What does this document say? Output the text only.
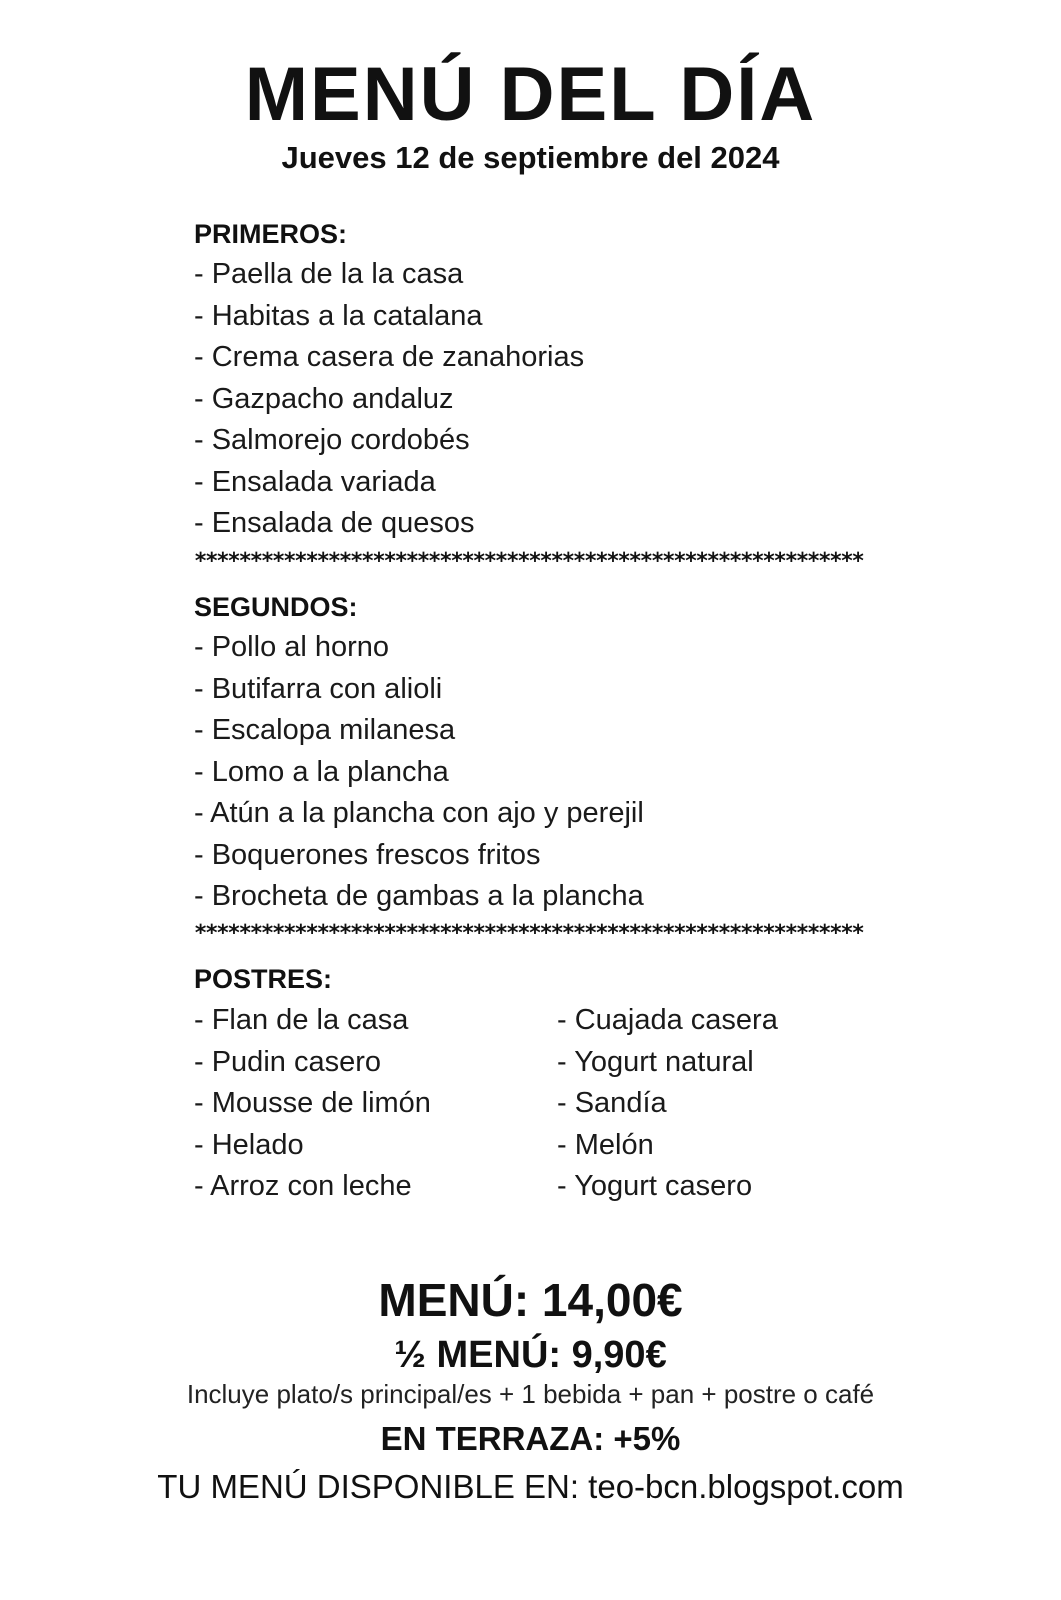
MENÚ DEL DÍA
Jueves 12 de septiembre del 2024
PRIMEROS:
- Paella de la la casa
- Habitas a la catalana
- Crema casera de zanahorias
- Gazpacho andaluz
- Salmorejo cordobés
- Ensalada variada
- Ensalada de quesos
************************************************************
SEGUNDOS:
- Pollo al horno
- Butifarra con alioli
- Escalopa milanesa
- Lomo a la plancha
- Atún a la plancha con ajo y perejil
- Boquerones frescos fritos
- Brocheta de gambas a la plancha
************************************************************
POSTRES:
- Flan de la casa
- Pudin casero
- Mousse de limón
- Helado
- Arroz con leche
- Cuajada casera
- Yogurt natural
- Sandía
- Melón
- Yogurt casero
MENÚ: 14,00€
½ MENÚ: 9,90€
Incluye plato/s principal/es + 1 bebida + pan + postre o café
EN TERRAZA: +5%
TU MENÚ DISPONIBLE EN: teo-bcn.blogspot.com
